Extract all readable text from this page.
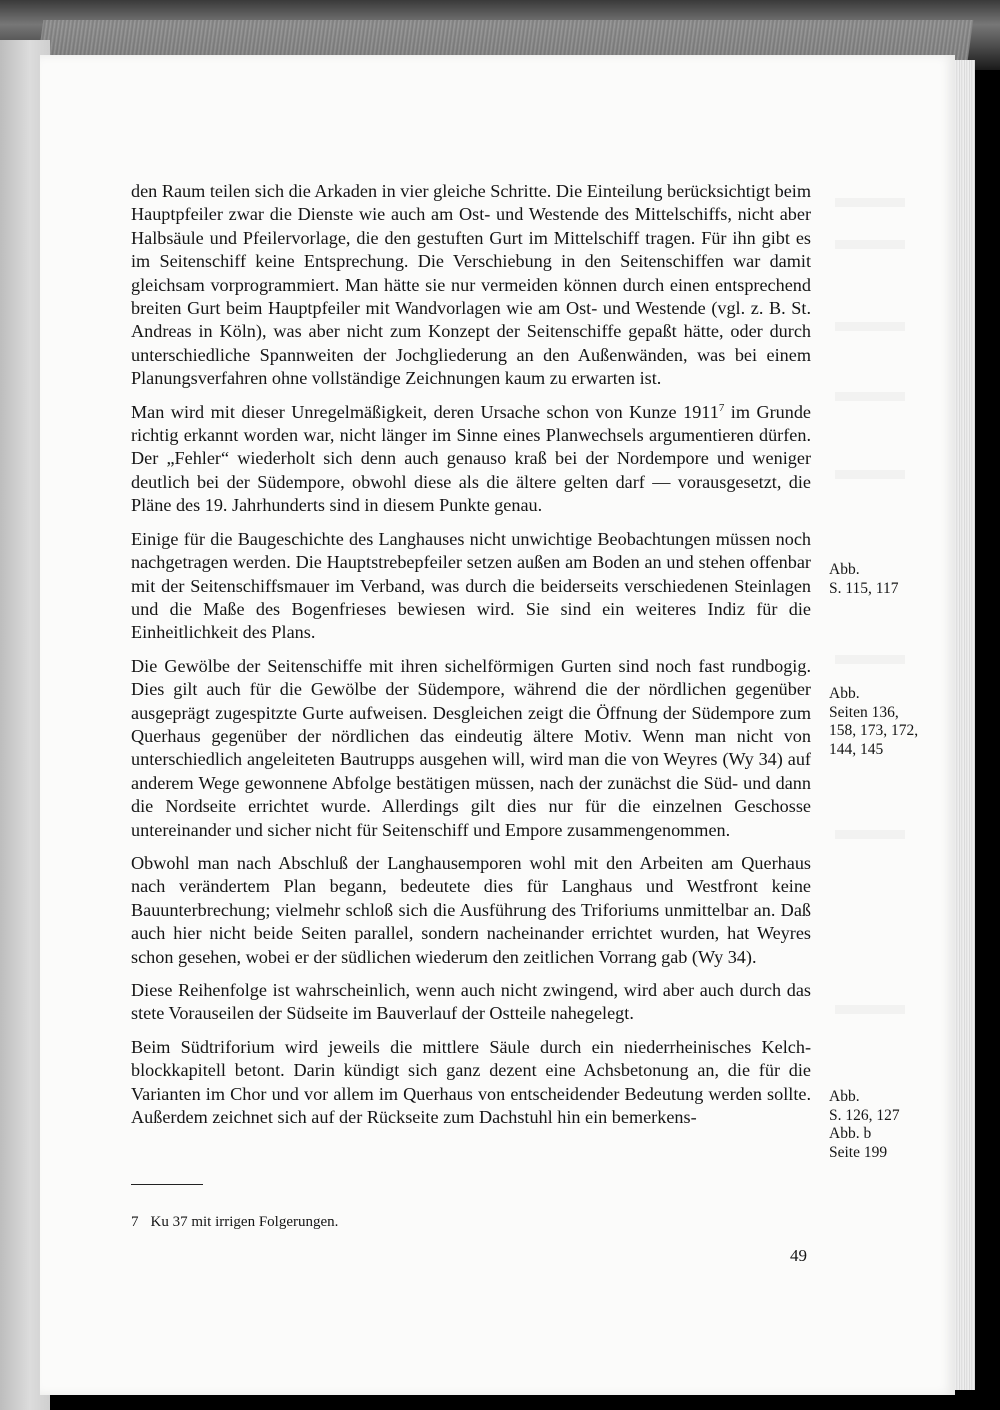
den Raum teilen sich die Arkaden in vier gleiche Schritte. Die Einteilung berücksichtigt beim Hauptpfeiler zwar die Dienste wie auch am Ost- und Westende des Mittelschiffs, nicht aber Halbsäule und Pfeilervorlage, die den gestuften Gurt im Mittelschiff tragen. Für ihn gibt es im Seitenschiff keine Entsprechung. Die Verschiebung in den Seitenschiffen war damit gleichsam vorprogrammiert. Man hätte sie nur vermeiden können durch einen entsprechend breiten Gurt beim Hauptpfeiler mit Wandvorlagen wie am Ost- und Westende (vgl. z. B. St. Andreas in Köln), was aber nicht zum Konzept der Seitenschiffe gepaßt hätte, oder durch unterschiedliche Spannweiten der Jochgliederung an den Außenwänden, was bei einem Planungsverfahren ohne vollständige Zeichnungen kaum zu erwarten ist.

Man wird mit dieser Unregelmäßigkeit, deren Ursache schon von Kunze 1911$^7$ im Grunde richtig erkannt worden war, nicht länger im Sinne eines Planwechsels argumentieren dürfen. Der „Fehler“ wiederholt sich denn auch genauso kraß bei der Nordempore und weniger deutlich bei der Südempore, obwohl diese als die ältere gelten darf — vorausgesetzt, die Pläne des 19. Jahrhunderts sind in diesem Punkte genau.

Einige für die Baugeschichte des Langhauses nicht unwichtige Beobachtungen müssen noch nachgetragen werden. Die Hauptstrebepfeiler setzen außen am Boden an und stehen offenbar mit der Seitenschiffsmauer im Verband, was durch die beiderseits verschiedenen Steinlagen und die Maße des Bogenfrieses bewiesen wird. Sie sind ein weiteres Indiz für die Einheitlichkeit des Plans.

Die Gewölbe der Seitenschiffe mit ihren sichelförmigen Gurten sind noch fast rundbogig. Dies gilt auch für die Gewölbe der Südempore, während die der nördlichen gegenüber ausgeprägt zugespitzte Gurte aufweisen. Desgleichen zeigt die Öffnung der Südempore zum Querhaus gegenüber der nördlichen das eindeutig ältere Motiv. Wenn man nicht von unterschiedlich angeleiteten Bautrupps ausgehen will, wird man die von Weyres (Wy 34) auf anderem Wege gewonnene Abfolge bestätigen müssen, nach der zunächst die Süd- und dann die Nordseite errichtet wurde. Allerdings gilt dies nur für die einzelnen Geschosse untereinander und sicher nicht für Seitenschiff und Empore zusammengenommen.

Obwohl man nach Abschluß der Langhausemporen wohl mit den Arbeiten am Querhaus nach verändertem Plan begann, bedeutete dies für Langhaus und Westfront keine Bauunterbrechung; vielmehr schloß sich die Ausführung des Triforiums unmittelbar an. Daß auch hier nicht beide Seiten parallel, sondern nacheinander errichtet wurden, hat Weyres schon gesehen, wobei er der südlichen wiederum den zeitlichen Vorrang gab (Wy 34).

Diese Reihenfolge ist wahrscheinlich, wenn auch nicht zwingend, wird aber auch durch das stete Vorauseilen der Südseite im Bauverlauf der Ostteile nahegelegt.

Beim Südtriforium wird jeweils die mittlere Säule durch ein niederrheinisches Kelchblockkapitell betont. Darin kündigt sich ganz dezent eine Achsbetonung an, die für die Varianten im Chor und vor allem im Querhaus von entscheidender Bedeutung werden sollte. Außerdem zeichnet sich auf der Rückseite zum Dachstuhl hin ein bemerkens-

Abb.
S. 115, 117
Abb.
Seiten 136,
158, 173, 172,
144, 145
Abb.
S. 126, 127
Abb. b
Seite 199
7 Ku 37 mit irrigen Folgerungen.
49
